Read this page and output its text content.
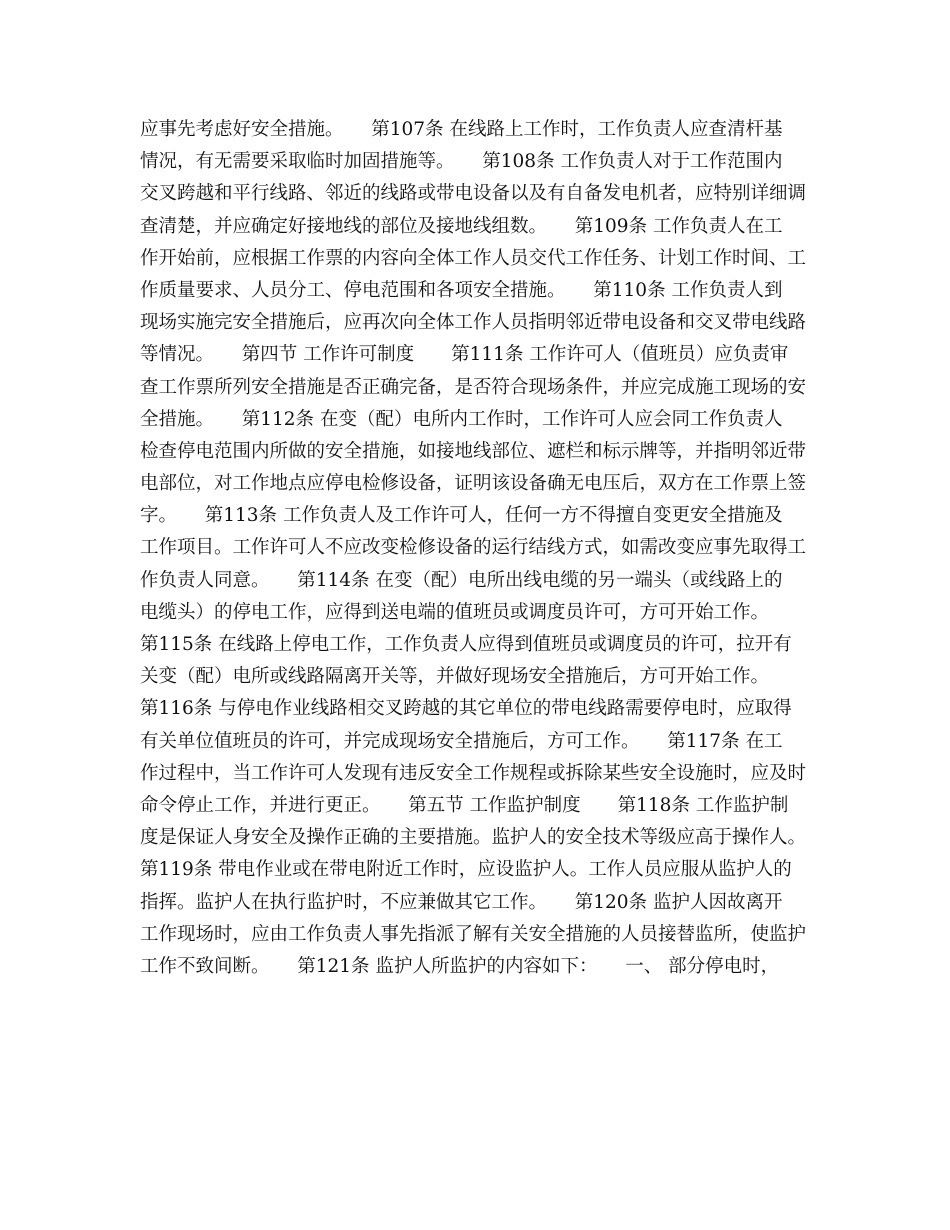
应事先考虑好安全措施。　　第107条 在线路上工作时，工作负责人应查清杆基
情况，有无需要采取临时加固措施等。　　第108条 工作负责人对于工作范围内
交叉跨越和平行线路、邻近的线路或带电设备以及有自备发电机者，应特别详细调
查清楚，并应确定好接地线的部位及接地线组数。　　第109条 工作负责人在工
作开始前，应根据工作票的内容向全体工作人员交代工作任务、计划工作时间、工
作质量要求、人员分工、停电范围和各项安全措施。　　第110条 工作负责人到
现场实施完安全措施后，应再次向全体工作人员指明邻近带电设备和交叉带电线路
等情况。　　第四节 工作许可制度　　第111条 工作许可人（值班员）应负责审
查工作票所列安全措施是否正确完备，是否符合现场条件，并应完成施工现场的安
全措施。　　第112条 在变（配）电所内工作时，工作许可人应会同工作负责人
检查停电范围内所做的安全措施，如接地线部位、遮栏和标示牌等，并指明邻近带
电部位，对工作地点应停电检修设备，证明该设备确无电压后，双方在工作票上签
字。　　第113条 工作负责人及工作许可人，任何一方不得擅自变更安全措施及
工作项目。工作许可人不应改变检修设备的运行结线方式，如需改变应事先取得工
作负责人同意。　　第114条 在变（配）电所出线电缆的另一端头（或线路上的
电缆头）的停电工作，应得到送电端的值班员或调度员许可，方可开始工作。
第115条 在线路上停电工作，工作负责人应得到值班员或调度员的许可，拉开有
关变（配）电所或线路隔离开关等，并做好现场安全措施后，方可开始工作。
第116条 与停电作业线路相交叉跨越的其它单位的带电线路需要停电时，应取得
有关单位值班员的许可，并完成现场安全措施后，方可工作。　　第117条 在工
作过程中，当工作许可人发现有违反安全工作规程或拆除某些安全设施时，应及时
命令停止工作，并进行更正。　　第五节 工作监护制度　　第118条 工作监护制
度是保证人身安全及操作正确的主要措施。监护人的安全技术等级应高于操作人。
第119条 带电作业或在带电附近工作时，应设监护人。工作人员应服从监护人的
指挥。监护人在执行监护时，不应兼做其它工作。　　第120条 监护人因故离开
工作现场时，应由工作负责人事先指派了解有关安全措施的人员接替监所，使监护
工作不致间断。　　第121条 监护人所监护的内容如下：　　一、 部分停电时，
